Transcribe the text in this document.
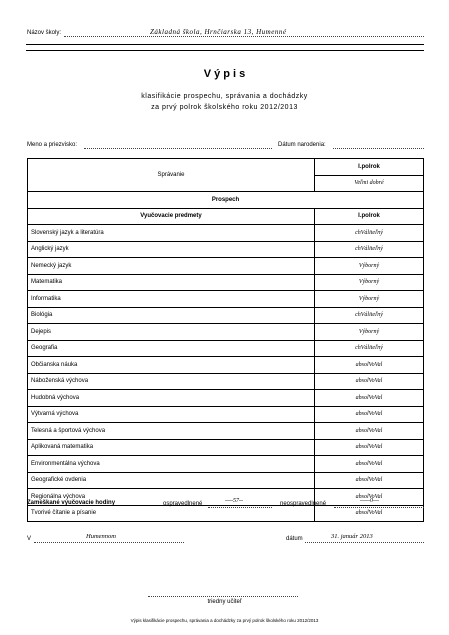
Názov školy:	Základná škola, Hrnčiarska 13, Humenné
V ý p i s
klasifikácie prospechu, správania a dochádzky
za prvý polrok školského roku 2012/2013
Meno a priezvisko:	Dátum narodenia:
Správanie	I.polrok
	Veľmi dobré
Prospech	
Vyučovacie predmety	I.polrok
Slovenský jazyk a literatúra	chVáliteľný
Anglický jazyk	chVáliteľný
Nemecký jazyk	Výborný
Matematika	Výborný
Informatika	Výborný
Biológia	chVáliteľný
Dejepis	Výborný
Geografia	chVáliteľný
Občianska náuka	absolVoVal
Náboženská výchova	absolVoVal
Hudobná výchova	absolVoVal
Výtvarná výchova	absolVoVal
Telesná a športová výchova	absolVoVal
Aplikovaná matematika	absolVoVal
Environmentálna výchova	absolVoVal
Geografické ovdenia	absolVoVal
Regionálna výchova	absolVoVal
Tvorivé čítanie a písanie	absolVoVal
Zameškané vyučovacie hodiny	ospravedlnené	----57--	neospravedlnené	-----0---
V	Humennom	dátum	31. január 2013
triedny učiteľ
Výpis klasifikácie prospechu, správania a dochádzky za prvý polrok školského roku 2012/2013
